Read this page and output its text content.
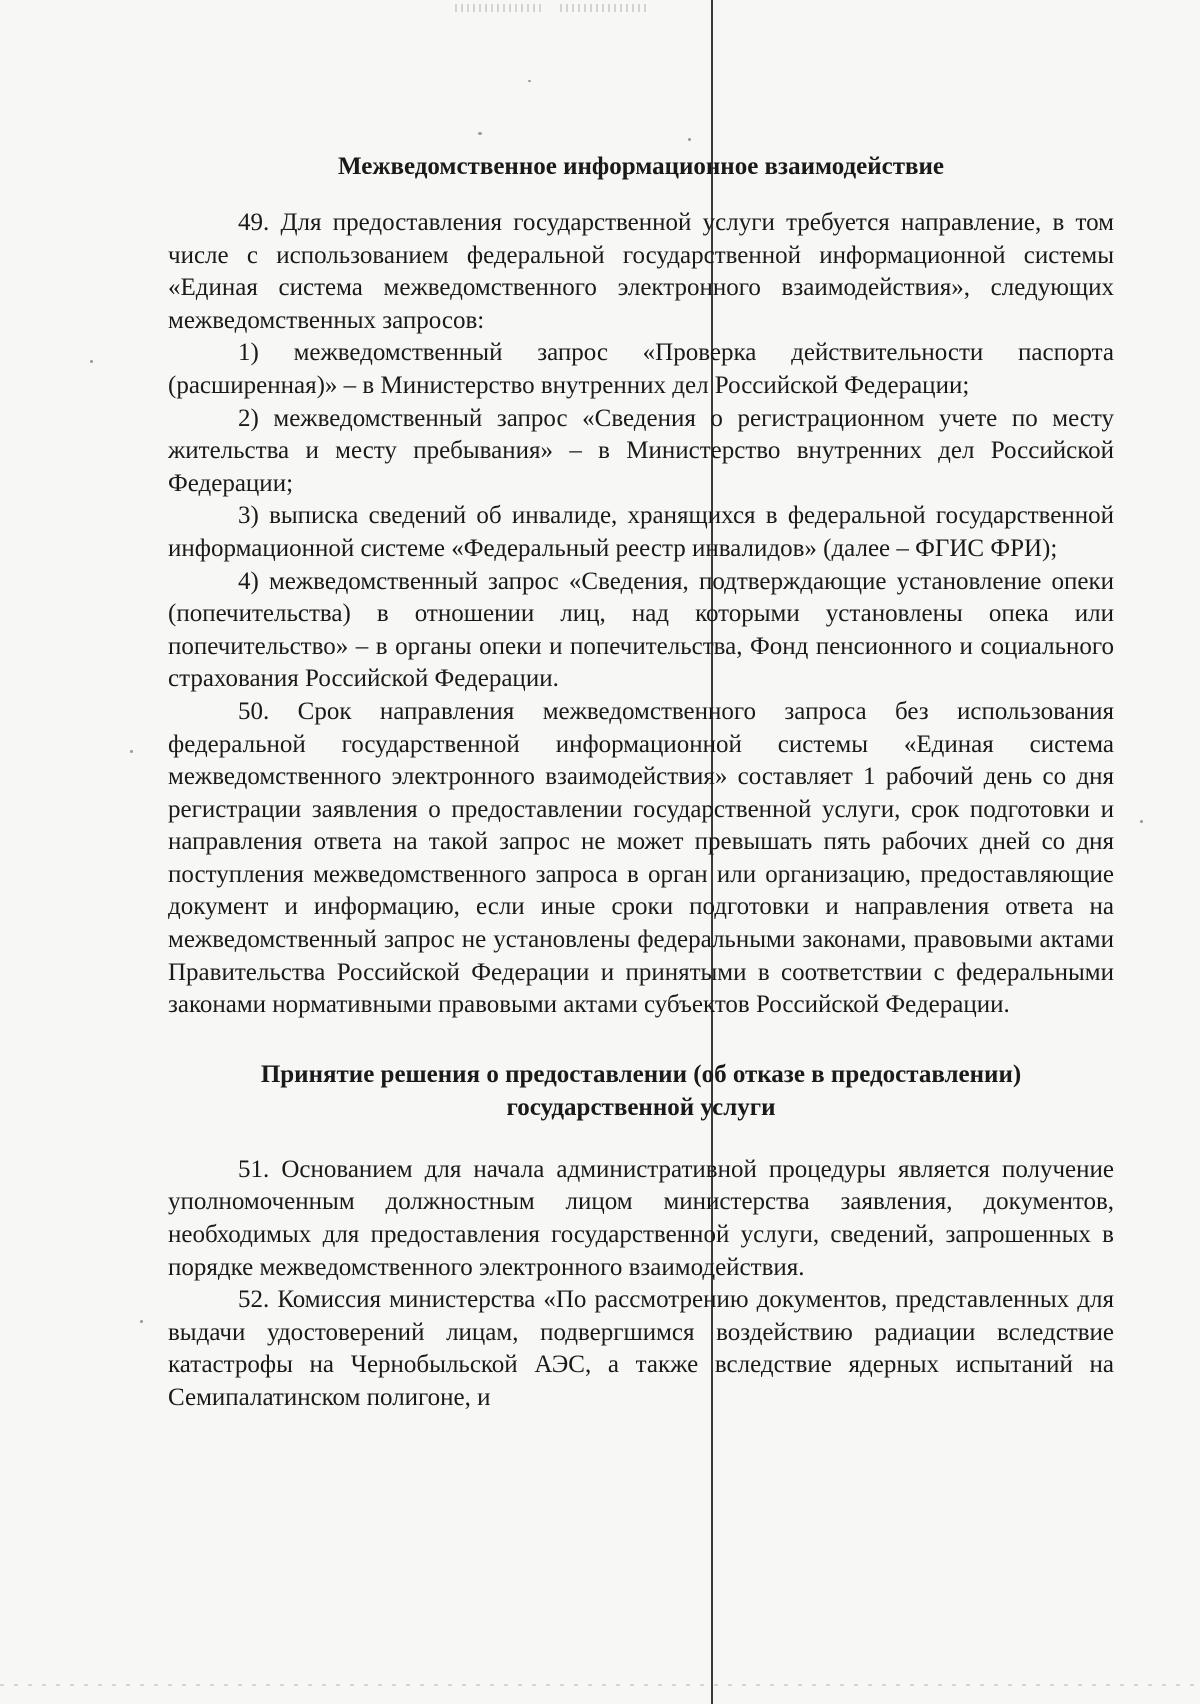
Межведомственное информационное взаимодействие

49. Для предоставления государственной услуги требуется направление, в том числе с использованием федеральной государственной информационной системы «Единая система межведомственного электронного взаимодействия», следующих межведомственных запросов:

1) межведомственный запрос «Проверка действительности паспорта (расширенная)» – в Министерство внутренних дел Российской Федерации;

2) межведомственный запрос «Сведения о регистрационном учете по месту жительства и месту пребывания» – в Министерство внутренних дел Российской Федерации;

3) выписка сведений об инвалиде, хранящихся в федеральной государственной информационной системе «Федеральный реестр инвалидов» (далее – ФГИС ФРИ);

4) межведомственный запрос «Сведения, подтверждающие установление опеки (попечительства) в отношении лиц, над которыми установлены опека или попечительство» – в органы опеки и попечительства, Фонд пенсионного и социального страхования Российской Федерации.

50. Срок направления межведомственного запроса без использования федеральной государственной информационной системы «Единая система межведомственного электронного взаимодействия» составляет 1 рабочий день со дня регистрации заявления о предоставлении государственной услуги, срок подготовки и направления ответа на такой запрос не может превышать пять рабочих дней со дня поступления межведомственного запроса в орган или организацию, предоставляющие документ и информацию, если иные сроки подготовки и направления ответа на межведомственный запрос не установлены федеральными законами, правовыми актами Правительства Российской Федерации и принятыми в соответствии с федеральными законами нормативными правовыми актами субъектов Российской Федерации.

Принятие решения о предоставлении (об отказе в предоставлении)
государственной услуги

51. Основанием для начала административной процедуры является получение уполномоченным должностным лицом министерства заявления, документов, необходимых для предоставления государственной услуги, сведений, запрошенных в порядке межведомственного электронного взаимодействия.

52. Комиссия министерства «По рассмотрению документов, представленных для выдачи удостоверений лицам, подвергшимся воздействию радиации вследствие катастрофы на Чернобыльской АЭС, а также вследствие ядерных испытаний на Семипалатинском полигоне, и
